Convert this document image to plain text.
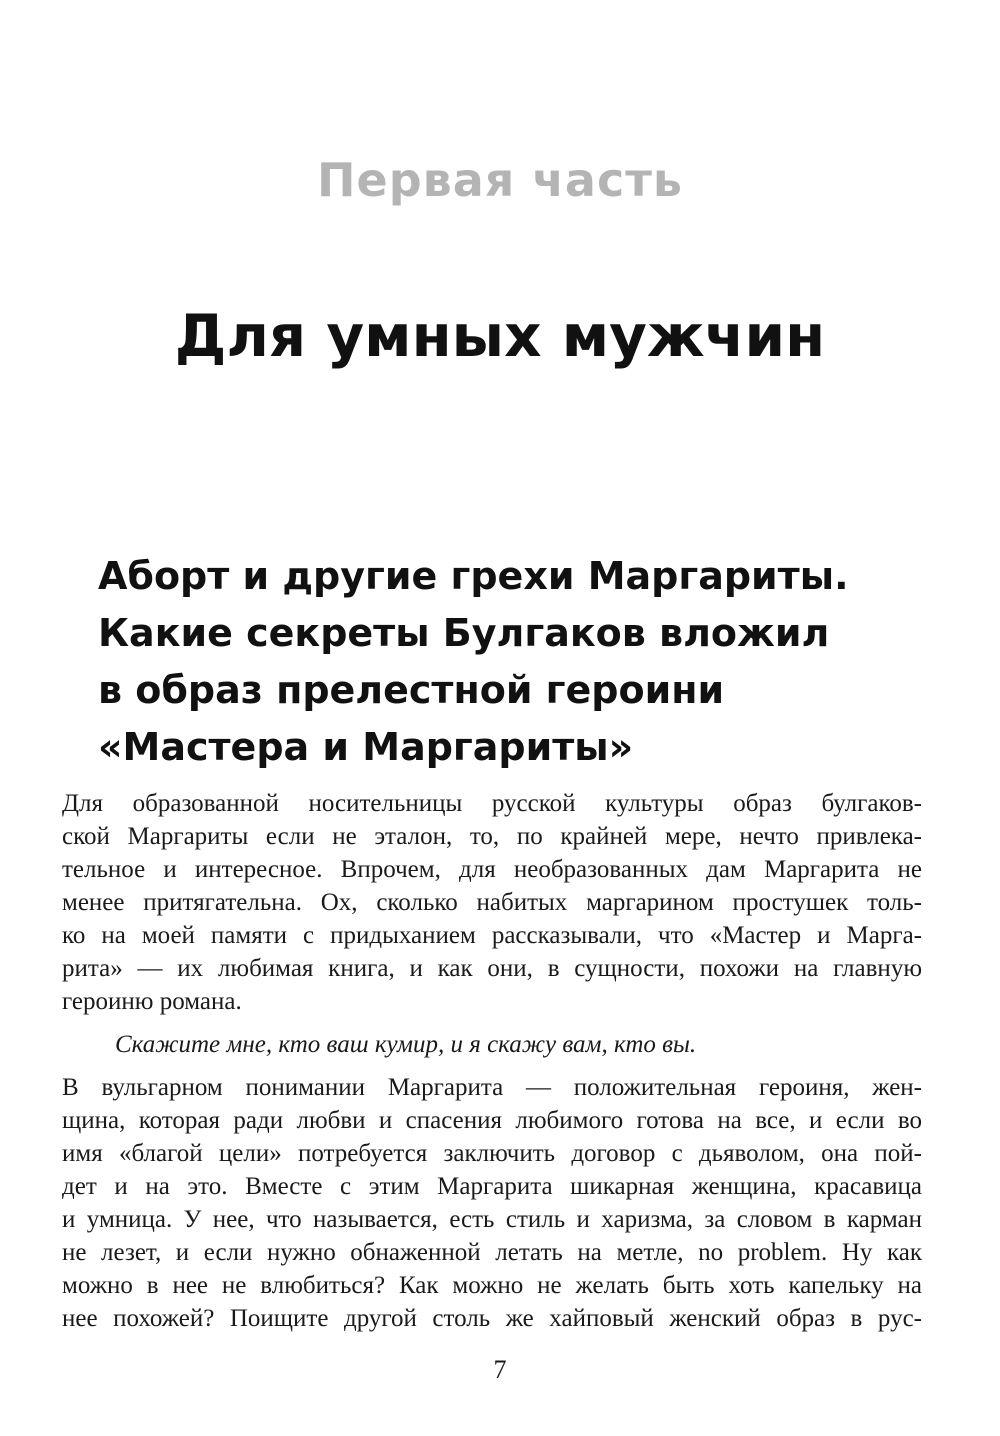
Первая часть
Для умных мужчин
Аборт и другие грехи Маргариты.
Какие секреты Булгаков вложил
в образ прелестной героини
«Мастера и Маргариты»
Для образованной носительницы русской культуры образ булгаков-
ской Маргариты если не эталон, то, по крайней мере, нечто привлека-
тельное и интересное. Впрочем, для необразованных дам Маргарита не
менее притягательна. Ох, сколько набитых маргарином простушек толь-
ко на моей памяти с придыханием рассказывали, что «Мастер и Марга-
рита» — их любимая книга, и как они, в сущности, похожи на главную
героиню романа.
Скажите мне, кто ваш кумир, и я скажу вам, кто вы.
В вульгарном понимании Маргарита — положительная героиня, жен-
щина, которая ради любви и спасения любимого готова на все, и если во
имя «благой цели» потребуется заключить договор с дьяволом, она пой-
дет и на это. Вместе с этим Маргарита шикарная женщина, красавица
и умница. У нее, что называется, есть стиль и харизма, за словом в карман
не лезет, и если нужно обнаженной летать на метле, no problem. Ну как
можно в нее не влюбиться? Как можно не желать быть хоть капельку на
нее похожей? Поищите другой столь же хайповый женский образ в рус-
7
